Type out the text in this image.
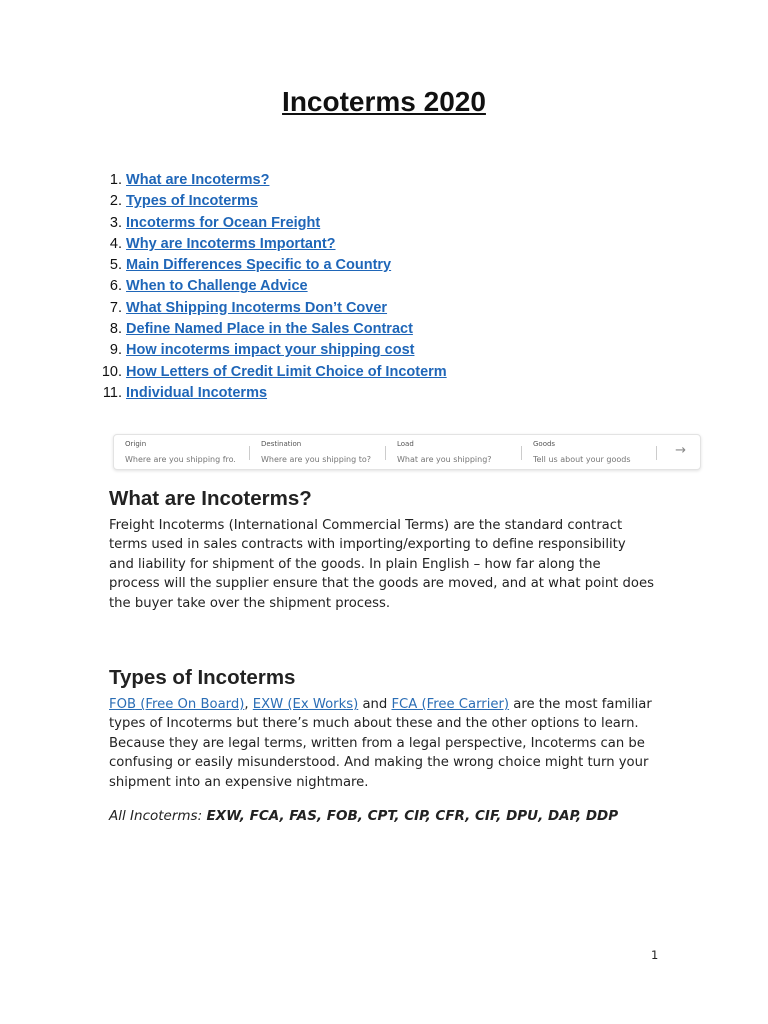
Incoterms 2020
1. What are Incoterms?
2. Types of Incoterms
3. Incoterms for Ocean Freight
4. Why are Incoterms Important?
5. Main Differences Specific to a Country
6. When to Challenge Advice
7. What Shipping Incoterms Don’t Cover
8. Define Named Place in the Sales Contract
9. How incoterms impact your shipping cost
10. How Letters of Credit Limit Choice of Incoterm
11. Individual Incoterms
Origin
Where are you shipping fro...	Destination
Where are you shipping to?	Load
What are you shipping?	Goods
Tell us about your goods	→
What are Incoterms?

Freight Incoterms (International Commercial Terms) are the standard contract terms used in sales contracts with importing/exporting to define responsibility and liability for shipment of the goods. In plain English – how far along the process will the supplier ensure that the goods are moved, and at what point does the buyer take over the shipment process.

Types of Incoterms

FOB (Free On Board), EXW (Ex Works) and FCA (Free Carrier) are the most familiar types of Incoterms but there’s much about these and the other options to learn. Because they are legal terms, written from a legal perspective, Incoterms can be confusing or easily misunderstood. And making the wrong choice might turn your shipment into an expensive nightmare.

All Incoterms: EXW, FCA, FAS, FOB, CPT, CIP, CFR, CIF, DPU, DAP, DDP

1
